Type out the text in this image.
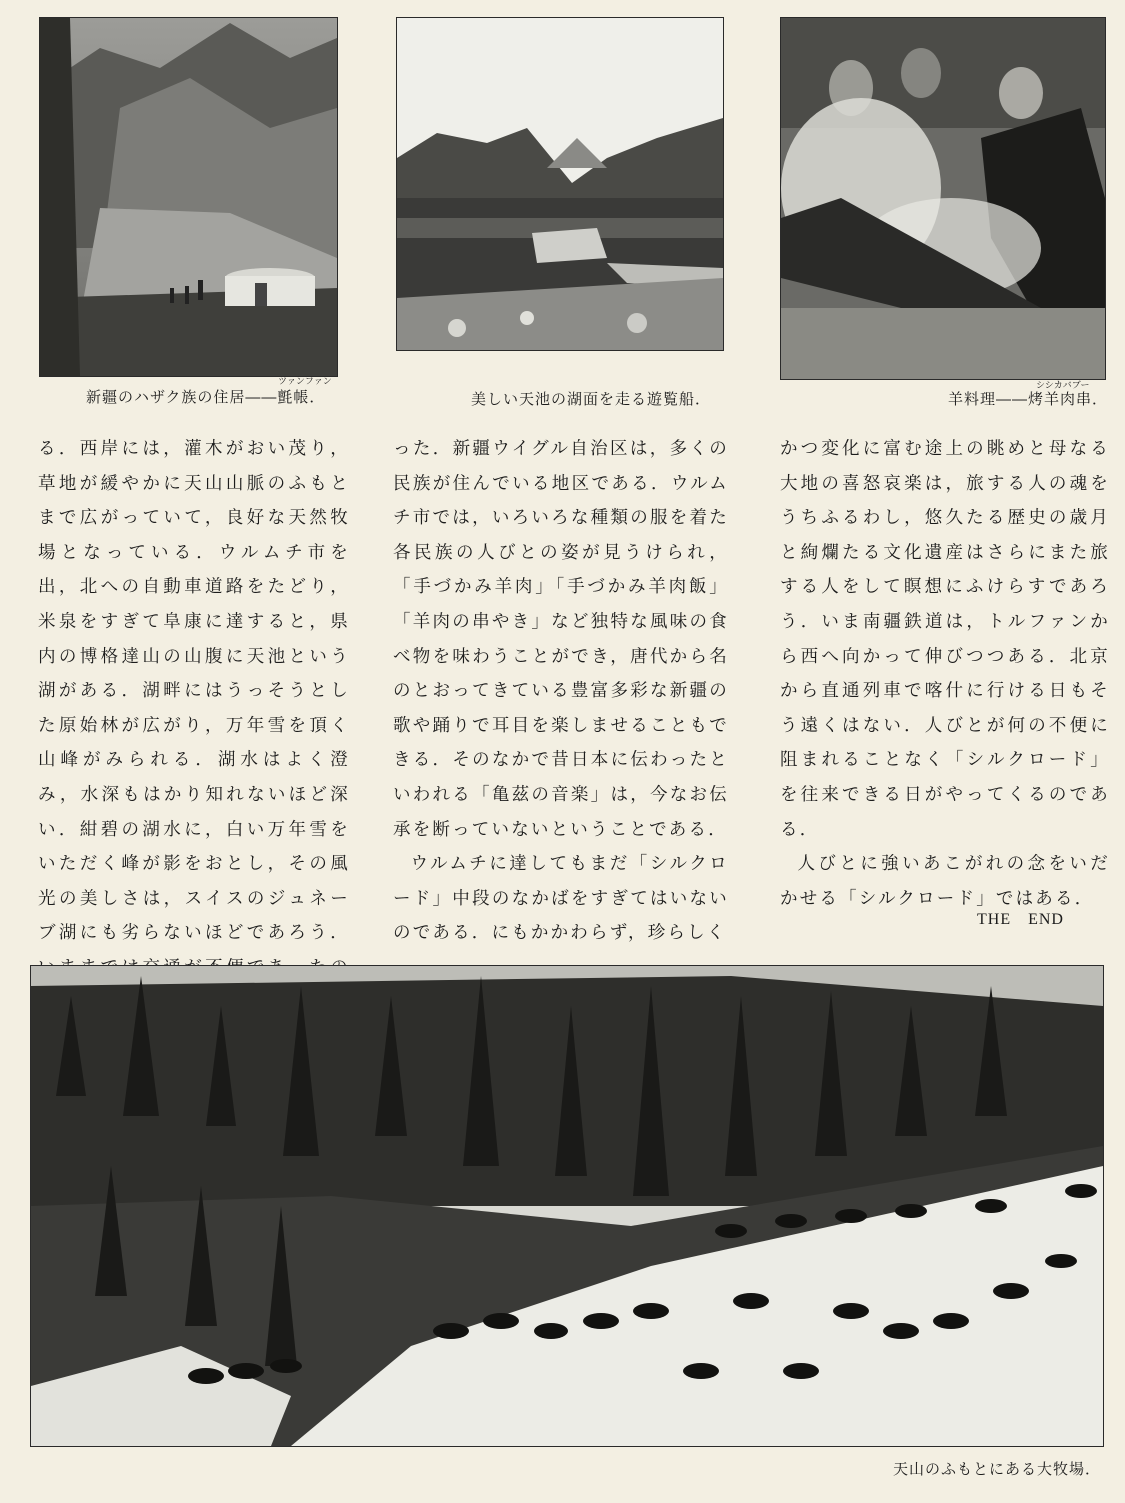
新疆のハザク族の住居――氈帳．
ツァンファン
美しい天池の湖面を走る遊覧船．	羊料理――烤羊肉串．
シシカバブー

る．西岸には，灌木がおい茂り，草地が緩やかに天山山脈のふもとまで広がっていて，良好な天然牧場となっている．ウルムチ市を出，北への自動車道路をたどり，米泉をすぎて阜康に達すると，県内の博格達山の山腹に天池という湖がある．湖畔にはうっそうとした原始林が広がり，万年雪を頂く山峰がみられる．湖水はよく澄み，水深もはかり知れないほど深い．紺碧の湖水に，白い万年雪をいただく峰が影をおとし，その風光の美しさは，スイスのジュネーブ湖にも劣らないほどであろう．

った．新疆ウイグル自治区は，多くの民族が住んでいる地区である．ウルムチ市では，いろいろな種類の服を着た各民族の人びとの姿が見うけられ，「手づかみ羊肉」「手づかみ羊肉飯」「羊肉の串やき」など独特な風味の食べ物を味わうことができ，唐代から名のとおってきている豊富多彩な新疆の歌や踊りで耳目を楽しませることもできる．そのなかで昔日本に伝わったといわれる「亀茲の音楽」は，今なお伝承を断っていないということである．

ウルムチに達してもまだ「シルクロード」中段のなかばをすぎてはいないのである．にもかかわらず，珍らしく

かつ変化に富む途上の眺めと母なる大地の喜怒哀楽は，旅する人の魂をうちふるわし，悠久たる歴史の歳月と絢爛たる文化遺産はさらにまた旅する人をして瞑想にふけらすであろう．いま南疆鉄道は，トルファンから西へ向かって伸びつつある．北京から直通列車で喀什に行ける日もそう遠くはない．人びとが何の不便に阻まれることなく「シルクロード」を往来できる日がやってくるのである．

人びとに強いあこがれの念をいだかせる「シルクロード」ではある．

THE　END
天山のふもとにある大牧場．
